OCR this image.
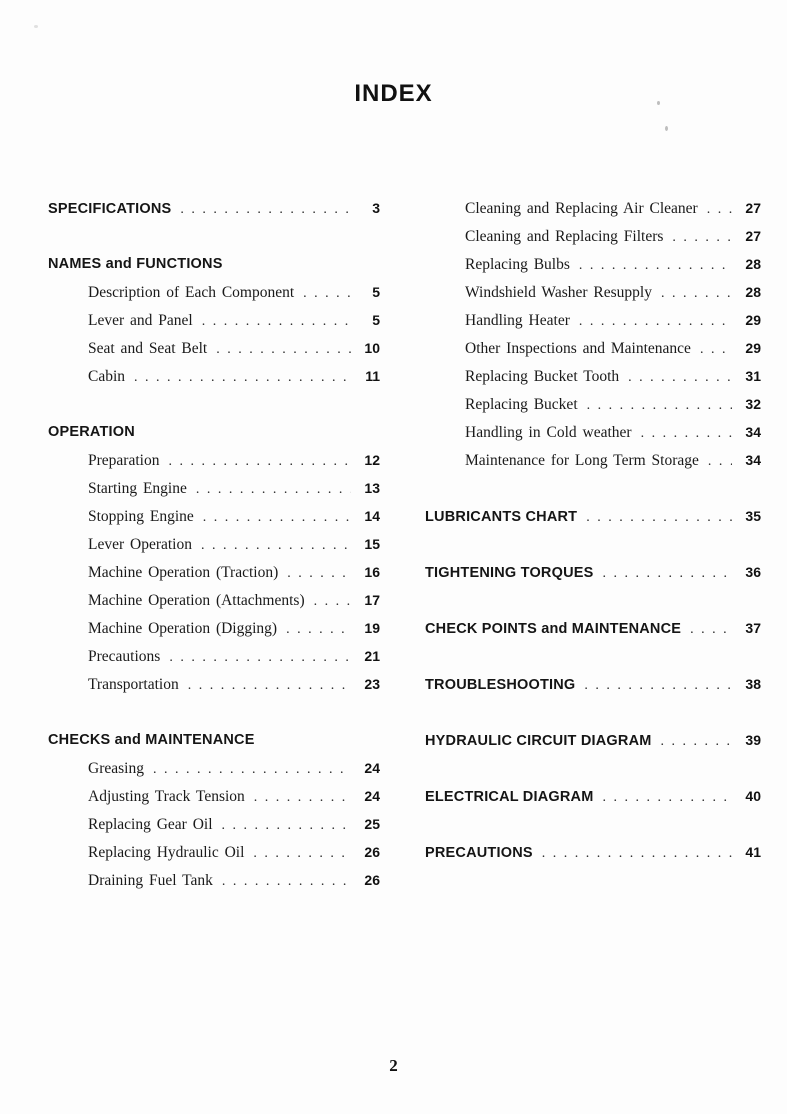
INDEX
SPECIFICATIONS . . .	3
NAMES and FUNCTIONS
Description of Each Component . . .	5
Lever and Panel . . .	5
Seat and Seat Belt . . .	10
Cabin . . .	11
OPERATION
Preparation . . .	12
Starting Engine . . .	13
Stopping Engine . . .	14
Lever Operation . . .	15
Machine Operation (Traction) . . .	16
Machine Operation (Attachments) . . .	17
Machine Operation (Digging) . . .	19
Precautions . . .	21
Transportation . . .	23
CHECKS and MAINTENANCE
Greasing . . .	24
Adjusting Track Tension . . .	24
Replacing Gear Oil . . .	25
Replacing Hydraulic Oil . . .	26
Draining Fuel Tank . . .	26
Cleaning and Replacing Air Cleaner . . .	27
Cleaning and Replacing Filters . . .	27
Replacing Bulbs . . .	28
Windshield Washer Resupply . . .	28
Handling Heater . . .	29
Other Inspections and Maintenance . . .	29
Replacing Bucket Tooth . . .	31
Replacing Bucket . . .	32
Handling in Cold weather . . .	34
Maintenance for Long Term Storage . . .	34
LUBRICANTS CHART . . .	35
TIGHTENING TORQUES . . .	36
CHECK POINTS and MAINTENANCE . . .	37
TROUBLESHOOTING . . .	38
HYDRAULIC CIRCUIT DIAGRAM . . .	39
ELECTRICAL DIAGRAM . . .	40
PRECAUTIONS . . .	41
2
